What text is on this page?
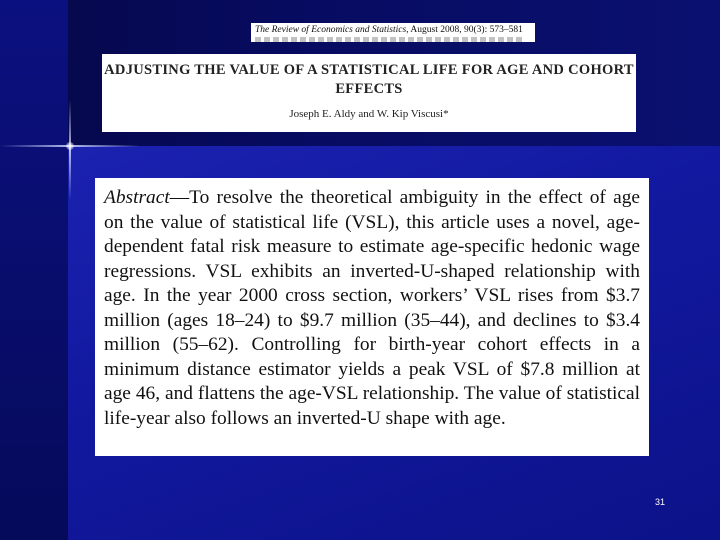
The Review of Economics and Statistics, August 2008, 90(3): 573–581
ADJUSTING THE VALUE OF A STATISTICAL LIFE FOR AGE AND COHORT EFFECTS
Joseph E. Aldy and W. Kip Viscusi*

Abstract—To resolve the theoretical ambiguity in the effect of age on the value of statistical life (VSL), this article uses a novel, age-dependent fatal risk measure to estimate age-specific hedonic wage regressions. VSL exhibits an inverted-U-shaped relationship with age. In the year 2000 cross section, workers’ VSL rises from $3.7 million (ages 18–24) to $9.7 million (35–44), and declines to $3.4 million (55–62). Controlling for birth-year cohort effects in a minimum distance estimator yields a peak VSL of $7.8 million at age 46, and flattens the age-VSL relationship. The value of statistical life-year also follows an inverted-U shape with age.

31
